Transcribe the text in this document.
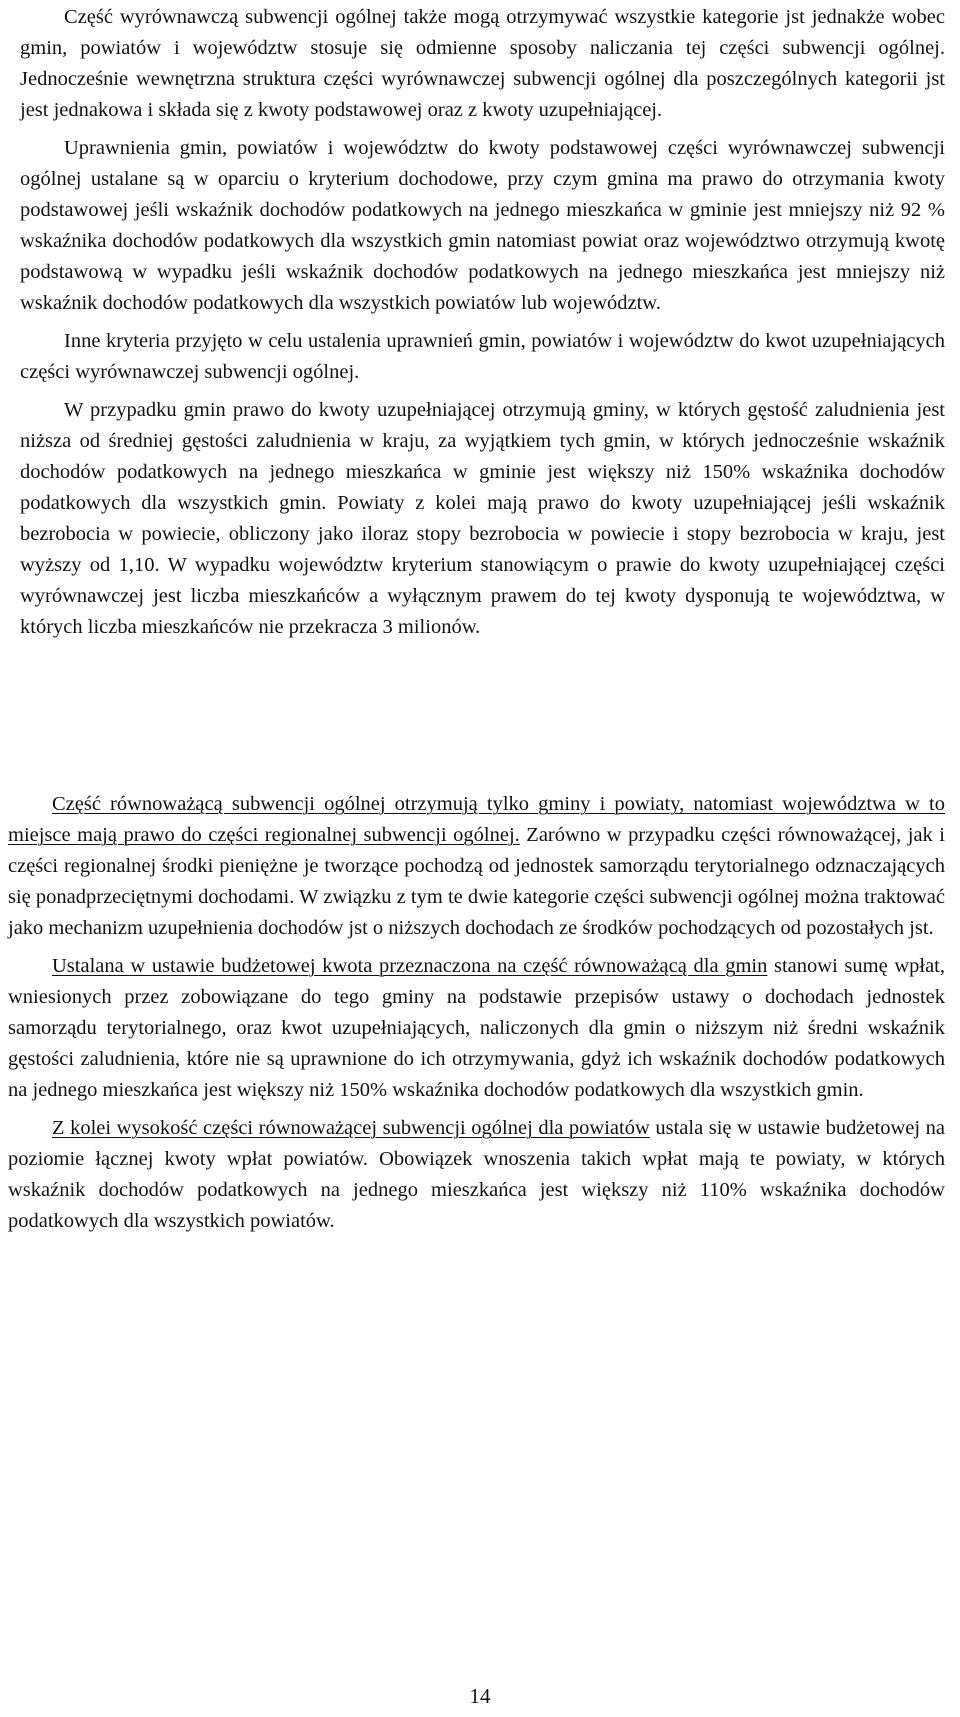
Część wyrównawczą subwencji ogólnej także mogą otrzymywać wszystkie kategorie jst jednakże wobec gmin, powiatów i województw stosuje się odmienne sposoby naliczania tej części subwencji ogólnej. Jednocześnie wewnętrzna struktura części wyrównawczej subwencji ogólnej dla poszczególnych kategorii jst jest jednakowa i składa się z kwoty podstawowej oraz z kwoty uzupełniającej.

Uprawnienia gmin, powiatów i województw do kwoty podstawowej części wyrównawczej subwencji ogólnej ustalane są w oparciu o kryterium dochodowe, przy czym gmina ma prawo do otrzymania kwoty podstawowej jeśli wskaźnik dochodów podatkowych na jednego mieszkańca w gminie jest mniejszy niż 92 % wskaźnika dochodów podatkowych dla wszystkich gmin natomiast powiat oraz województwo otrzymują kwotę podstawową w wypadku jeśli wskaźnik dochodów podatkowych na jednego mieszkańca jest mniejszy niż wskaźnik dochodów podatkowych dla wszystkich powiatów lub województw.

Inne kryteria przyjęto w celu ustalenia uprawnień gmin, powiatów i województw do kwot uzupełniających części wyrównawczej subwencji ogólnej.

W przypadku gmin prawo do kwoty uzupełniającej otrzymują gminy, w których gęstość zaludnienia jest niższa od średniej gęstości zaludnienia w kraju, za wyjątkiem tych gmin, w których jednocześnie wskaźnik dochodów podatkowych na jednego mieszkańca w gminie jest większy niż 150% wskaźnika dochodów podatkowych dla wszystkich gmin. Powiaty z kolei mają prawo do kwoty uzupełniającej jeśli wskaźnik bezrobocia w powiecie, obliczony jako iloraz stopy bezrobocia w powiecie i stopy bezrobocia w kraju, jest wyższy od 1,10. W wypadku województw kryterium stanowiącym o prawie do kwoty uzupełniającej części wyrównawczej jest liczba mieszkańców a wyłącznym prawem do tej kwoty dysponują te województwa, w których liczba mieszkańców nie przekracza 3 milionów.

Część równoważącą subwencji ogólnej otrzymują tylko gminy i powiaty, natomiast województwa w to miejsce mają prawo do części regionalnej subwencji ogólnej. Zarówno w przypadku części równoważącej, jak i części regionalnej środki pieniężne je tworzące pochodzą od jednostek samorządu terytorialnego odznaczających się ponadprzeciętnymi dochodami. W związku z tym te dwie kategorie części subwencji ogólnej można traktować jako mechanizm uzupełnienia dochodów jst o niższych dochodach ze środków pochodzących od pozostałych jst.

Ustalana w ustawie budżetowej kwota przeznaczona na część równoważącą dla gmin stanowi sumę wpłat, wniesionych przez zobowiązane do tego gminy na podstawie przepisów ustawy o dochodach jednostek samorządu terytorialnego, oraz kwot uzupełniających, naliczonych dla gmin o niższym niż średni wskaźnik gęstości zaludnienia, które nie są uprawnione do ich otrzymywania, gdyż ich wskaźnik dochodów podatkowych na jednego mieszkańca jest większy niż 150% wskaźnika dochodów podatkowych dla wszystkich gmin.

Z kolei wysokość części równoważącej subwencji ogólnej dla powiatów ustala się w ustawie budżetowej na poziomie łącznej kwoty wpłat powiatów. Obowiązek wnoszenia takich wpłat mają te powiaty, w których wskaźnik dochodów podatkowych na jednego mieszkańca jest większy niż 110% wskaźnika dochodów podatkowych dla wszystkich powiatów.

14
